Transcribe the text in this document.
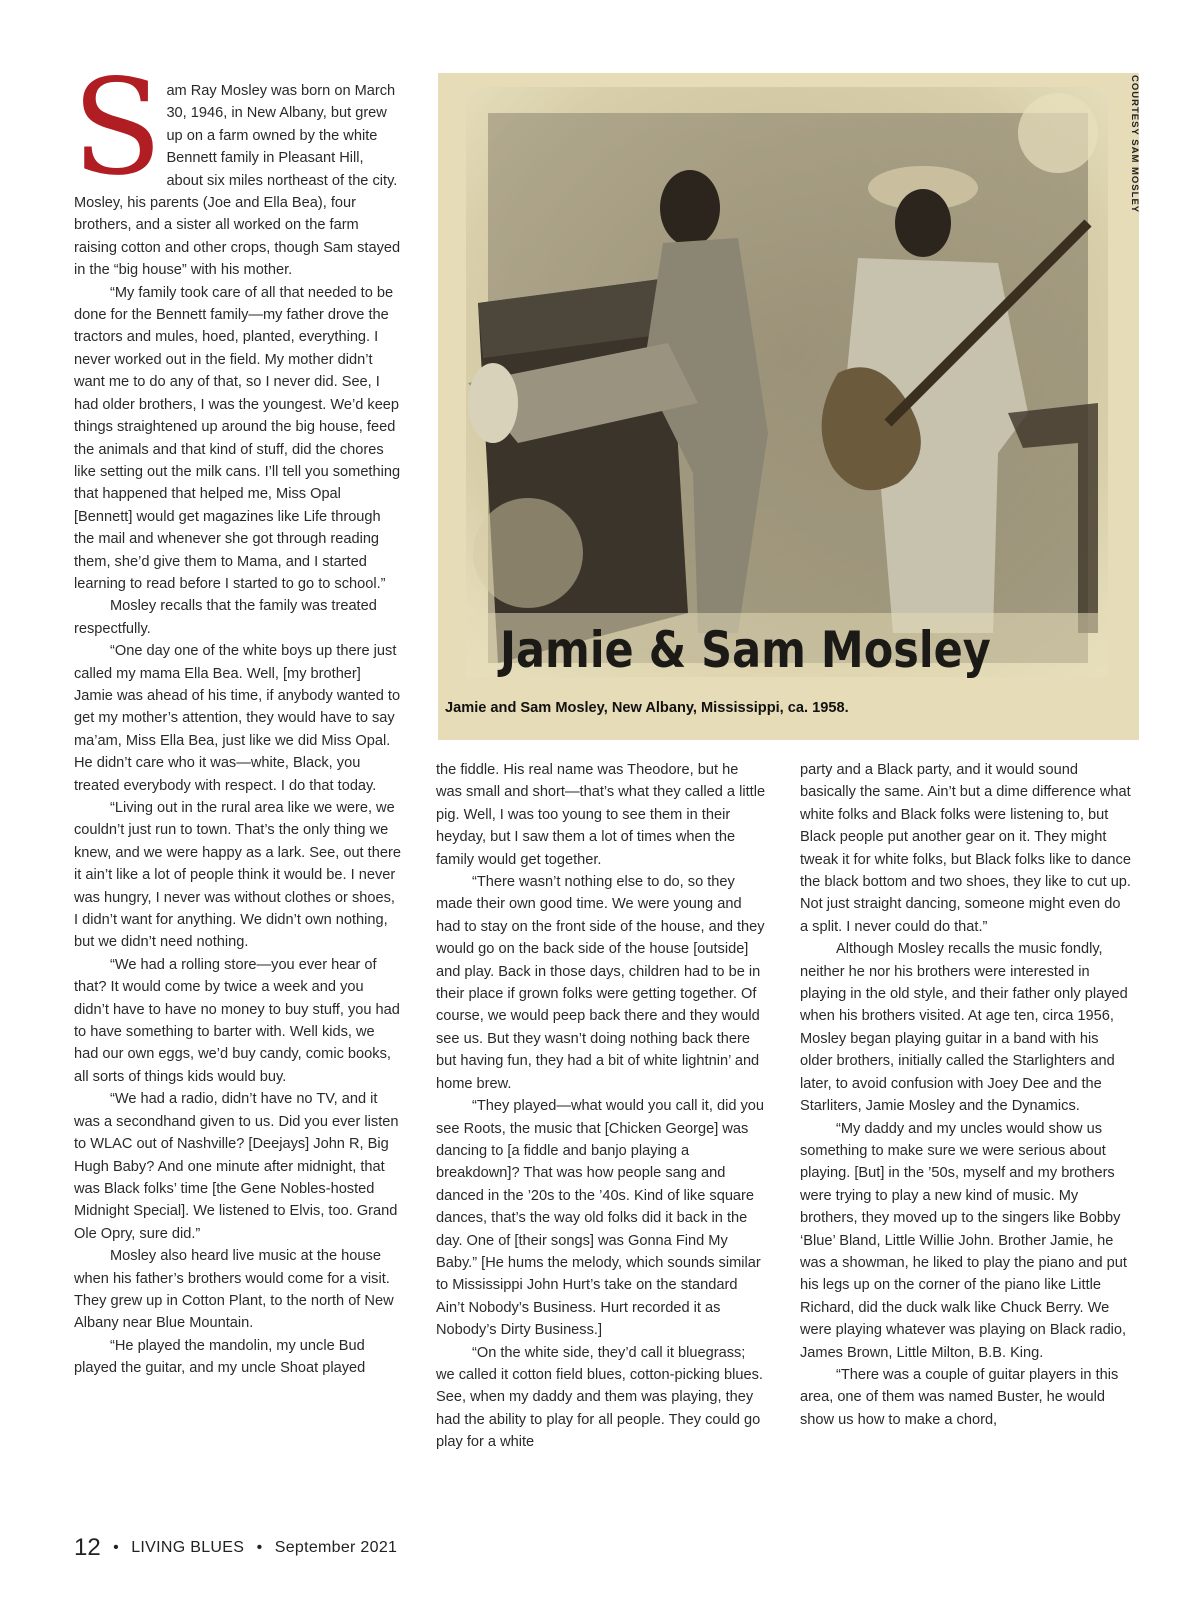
Sam Ray Mosley was born on March 30, 1946, in New Albany, but grew up on a farm owned by the white Bennett family in Pleasant Hill, about six miles northeast of the city. Mosley, his parents (Joe and Ella Bea), four brothers, and a sister all worked on the farm raising cotton and other crops, though Sam stayed in the “big house” with his mother.

“My family took care of all that needed to be done for the Bennett family—my father drove the tractors and mules, hoed, planted, everything. I never worked out in the field. My mother didn’t want me to do any of that, so I never did. See, I had older brothers, I was the youngest. We’d keep things straightened up around the big house, feed the animals and that kind of stuff, did the chores like setting out the milk cans. I’ll tell you something that happened that helped me, Miss Opal [Bennett] would get magazines like Life through the mail and whenever she got through reading them, she’d give them to Mama, and I started learning to read before I started to go to school.”

Mosley recalls that the family was treated respectfully.

“One day one of the white boys up there just called my mama Ella Bea. Well, [my brother] Jamie was ahead of his time, if anybody wanted to get my mother’s attention, they would have to say ma’am, Miss Ella Bea, just like we did Miss Opal. He didn’t care who it was—white, Black, you treated everybody with respect. I do that today.

“Living out in the rural area like we were, we couldn’t just run to town. That’s the only thing we knew, and we were happy as a lark. See, out there it ain’t like a lot of people think it would be. I never was hungry, I never was without clothes or shoes, I didn’t want for anything. We didn’t own nothing, but we didn’t need nothing.

“We had a rolling store—you ever hear of that? It would come by twice a week and you didn’t have to have no money to buy stuff, you had to have something to barter with. Well kids, we had our own eggs, we’d buy candy, comic books, all sorts of things kids would buy.

“We had a radio, didn’t have no TV, and it was a secondhand given to us. Did you ever listen to WLAC out of Nashville? [Deejays] John R, Big Hugh Baby? And one minute after midnight, that was Black folks’ time [the Gene Nobles-hosted Midnight Special]. We listened to Elvis, too. Grand Ole Opry, sure did.”

Mosley also heard live music at the house when his father’s brothers would come for a visit. They grew up in Cotton Plant, to the north of New Albany near Blue Mountain.

“He played the mandolin, my uncle Bud played the guitar, and my uncle Shoat played

Jamie & Sam Mosley
Jamie and Sam Mosley, New Albany, Mississippi, ca. 1958.
COURTESY SAM MOSLEY

the fiddle. His real name was Theodore, but he was small and short—that’s what they called a little pig. Well, I was too young to see them in their heyday, but I saw them a lot of times when the family would get together.

“There wasn’t nothing else to do, so they made their own good time. We were young and had to stay on the front side of the house, and they would go on the back side of the house [outside] and play. Back in those days, children had to be in their place if grown folks were getting together. Of course, we would peep back there and they would see us. But they wasn’t doing nothing back there but having fun, they had a bit of white lightnin’ and home brew.

“They played—what would you call it, did you see Roots, the music that [Chicken George] was dancing to [a fiddle and banjo playing a breakdown]? That was how people sang and danced in the ’20s to the ’40s. Kind of like square dances, that’s the way old folks did it back in the day. One of [their songs] was Gonna Find My Baby.” [He hums the melody, which sounds similar to Mississippi John Hurt’s take on the standard Ain’t Nobody’s Business. Hurt recorded it as Nobody’s Dirty Business.]

“On the white side, they’d call it bluegrass; we called it cotton field blues, cotton-picking blues. See, when my daddy and them was playing, they had the ability to play for all people. They could go play for a white

party and a Black party, and it would sound basically the same. Ain’t but a dime difference what white folks and Black folks were listening to, but Black people put another gear on it. They might tweak it for white folks, but Black folks like to dance the black bottom and two shoes, they like to cut up. Not just straight dancing, someone might even do a split. I never could do that.”

Although Mosley recalls the music fondly, neither he nor his brothers were interested in playing in the old style, and their father only played when his brothers visited. At age ten, circa 1956, Mosley began playing guitar in a band with his older brothers, initially called the Starlighters and later, to avoid confusion with Joey Dee and the Starliters, Jamie Mosley and the Dynamics.

“My daddy and my uncles would show us something to make sure we were serious about playing. [But] in the ’50s, myself and my brothers were trying to play a new kind of music. My brothers, they moved up to the singers like Bobby ‘Blue’ Bland, Little Willie John. Brother Jamie, he was a showman, he liked to play the piano and put his legs up on the corner of the piano like Little Richard, did the duck walk like Chuck Berry. We were playing whatever was playing on Black radio, James Brown, Little Milton, B.B. King.

“There was a couple of guitar players in this area, one of them was named Buster, he would show us how to make a chord,

12 • LIVING BLUES • September 2021
